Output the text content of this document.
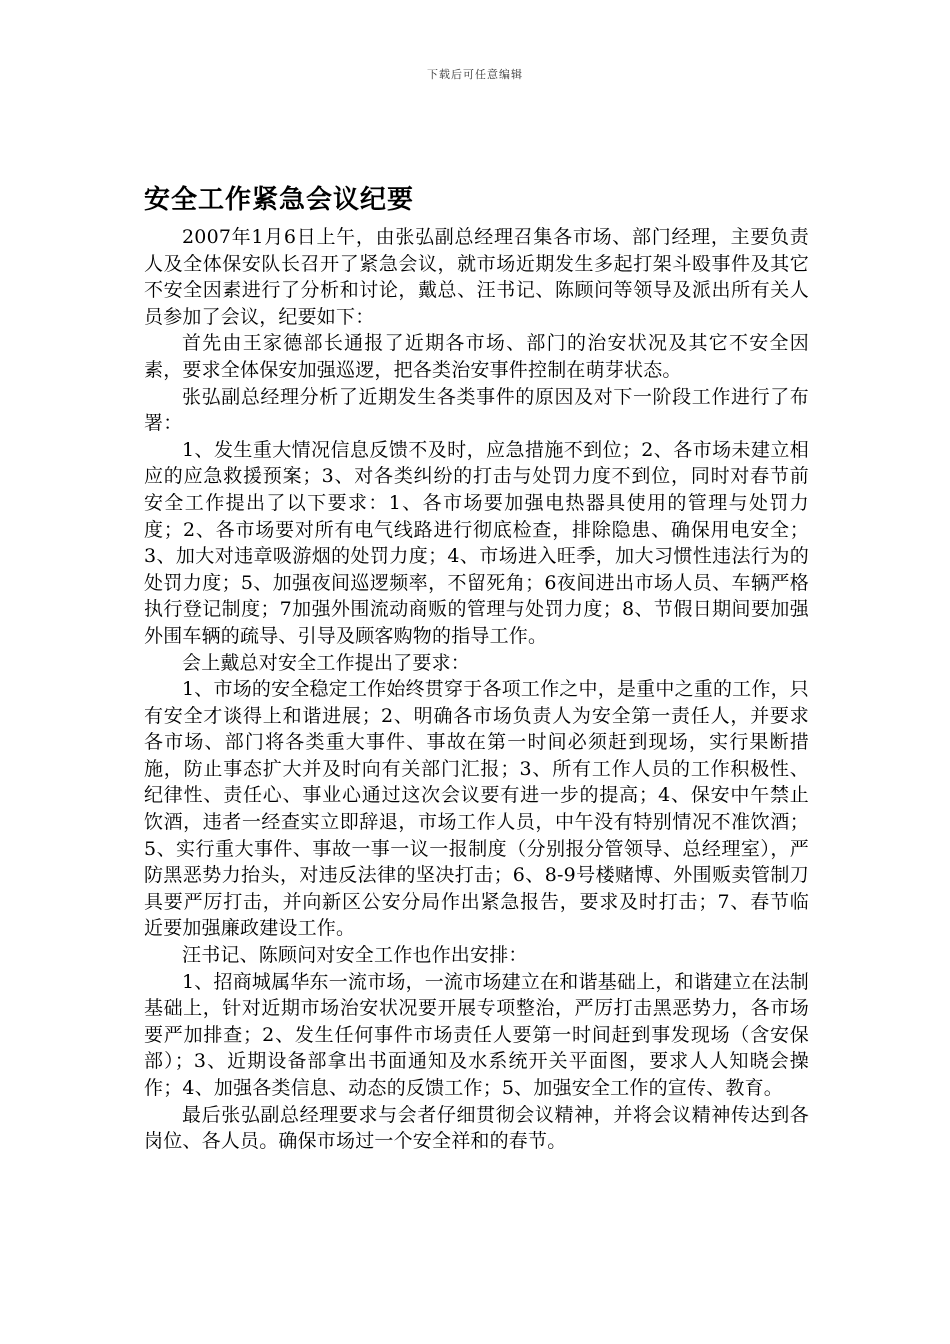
下载后可任意编辑
安全工作紧急会议纪要

2007年1月6日上午，由张弘副总经理召集各市场、部门经理，主要负责人及全体保安队长召开了紧急会议，就市场近期发生多起打架斗殴事件及其它不安全因素进行了分析和讨论，戴总、汪书记、陈顾问等领导及派出所有关人员参加了会议，纪要如下：

首先由王家德部长通报了近期各市场、部门的治安状况及其它不安全因素，要求全体保安加强巡逻，把各类治安事件控制在萌芽状态。

张弘副总经理分析了近期发生各类事件的原因及对下一阶段工作进行了布署：

1、发生重大情况信息反馈不及时，应急措施不到位；2、各市场未建立相应的应急救援预案；3、对各类纠纷的打击与处罚力度不到位，同时对春节前安全工作提出了以下要求：1、各市场要加强电热器具使用的管理与处罚力度；2、各市场要对所有电气线路进行彻底检查，排除隐患、确保用电安全；3、加大对违章吸游烟的处罚力度；4、市场进入旺季，加大习惯性违法行为的处罚力度；5、加强夜间巡逻频率，不留死角；6夜间进出市场人员、车辆严格执行登记制度；7加强外围流动商贩的管理与处罚力度；8、节假日期间要加强外围车辆的疏导、引导及顾客购物的指导工作。

会上戴总对安全工作提出了要求：

1、市场的安全稳定工作始终贯穿于各项工作之中，是重中之重的工作，只有安全才谈得上和谐进展；2、明确各市场负责人为安全第一责任人，并要求各市场、部门将各类重大事件、事故在第一时间必须赶到现场，实行果断措施，防止事态扩大并及时向有关部门汇报；3、所有工作人员的工作积极性、纪律性、责任心、事业心通过这次会议要有进一步的提高；4、保安中午禁止饮酒，违者一经查实立即辞退，市场工作人员，中午没有特别情况不准饮酒；5、实行重大事件、事故一事一议一报制度（分别报分管领导、总经理室），严防黑恶势力抬头，对违反法律的坚决打击；6、8-9号楼赌博、外围贩卖管制刀具要严厉打击，并向新区公安分局作出紧急报告，要求及时打击；7、春节临近要加强廉政建设工作。

汪书记、陈顾问对安全工作也作出安排：

1、招商城属华东一流市场，一流市场建立在和谐基础上，和谐建立在法制基础上，针对近期市场治安状况要开展专项整治，严厉打击黑恶势力，各市场要严加排查；2、发生任何事件市场责任人要第一时间赶到事发现场（含安保部）；3、近期设备部拿出书面通知及水系统开关平面图，要求人人知晓会操作；4、加强各类信息、动态的反馈工作；5、加强安全工作的宣传、教育。

最后张弘副总经理要求与会者仔细贯彻会议精神，并将会议精神传达到各岗位、各人员。确保市场过一个安全祥和的春节。
